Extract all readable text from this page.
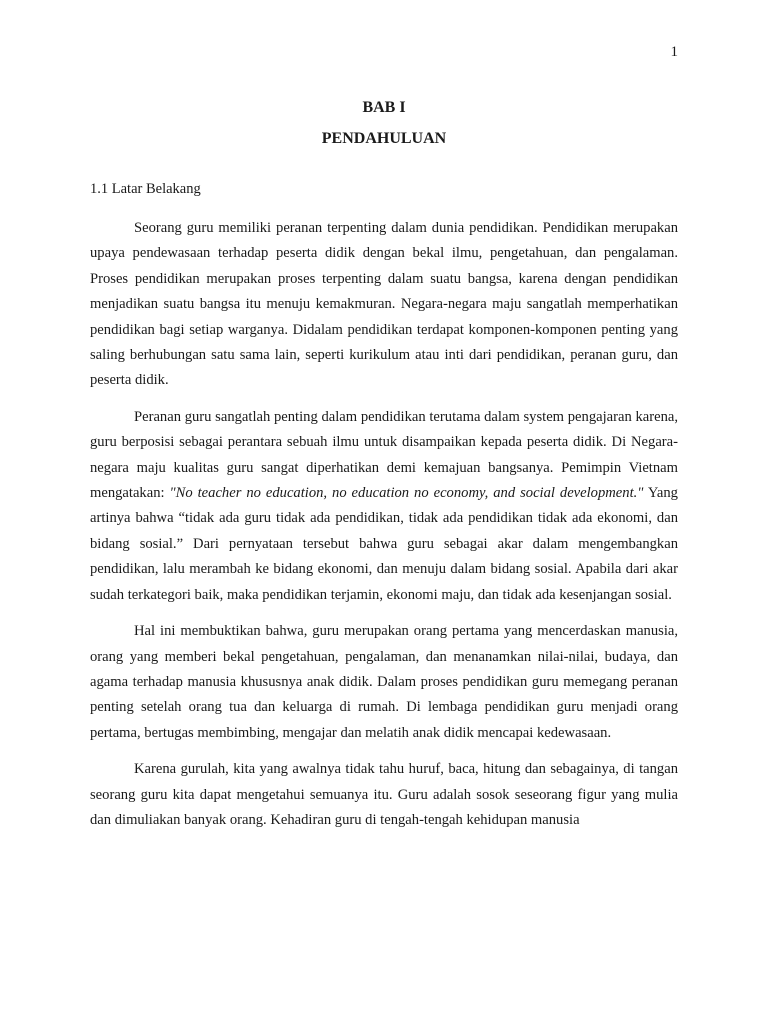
1
BAB I
PENDAHULUAN
1.1 Latar Belakang

Seorang guru memiliki peranan terpenting dalam dunia pendidikan. Pendidikan merupakan upaya pendewasaan terhadap peserta didik dengan bekal ilmu, pengetahuan, dan pengalaman. Proses pendidikan merupakan proses terpenting dalam suatu bangsa, karena dengan pendidikan menjadikan suatu bangsa itu menuju kemakmuran. Negara-negara maju sangatlah memperhatikan pendidikan bagi setiap warganya. Didalam pendidikan terdapat komponen-komponen penting yang saling berhubungan satu sama lain, seperti kurikulum atau inti dari pendidikan, peranan guru, dan peserta didik.

Peranan guru sangatlah penting dalam pendidikan terutama dalam system pengajaran karena, guru berposisi sebagai perantara sebuah ilmu untuk disampaikan kepada peserta didik. Di Negara-negara maju kualitas guru sangat diperhatikan demi kemajuan bangsanya. Pemimpin Vietnam mengatakan: "No teacher no education, no education no economy, and social development." Yang artinya bahwa “tidak ada guru tidak ada pendidikan, tidak ada pendidikan tidak ada ekonomi, dan bidang sosial.” Dari pernyataan tersebut bahwa guru sebagai akar dalam mengembangkan pendidikan, lalu merambah ke bidang ekonomi, dan menuju dalam bidang sosial. Apabila dari akar sudah terkategori baik, maka pendidikan terjamin, ekonomi maju, dan tidak ada kesenjangan sosial.

Hal ini membuktikan bahwa, guru merupakan orang pertama yang mencerdaskan manusia, orang yang memberi bekal pengetahuan, pengalaman, dan menanamkan nilai-nilai, budaya, dan agama terhadap manusia khususnya anak didik. Dalam proses pendidikan guru memegang peranan penting setelah orang tua dan keluarga di rumah. Di lembaga pendidikan guru menjadi orang pertama, bertugas membimbing, mengajar dan melatih anak didik mencapai kedewasaan.

Karena gurulah, kita yang awalnya tidak tahu huruf, baca, hitung dan sebagainya, di tangan seorang guru kita dapat mengetahui semuanya itu. Guru adalah sosok seseorang figur yang mulia dan dimuliakan banyak orang. Kehadiran guru di tengah-tengah kehidupan manusia
